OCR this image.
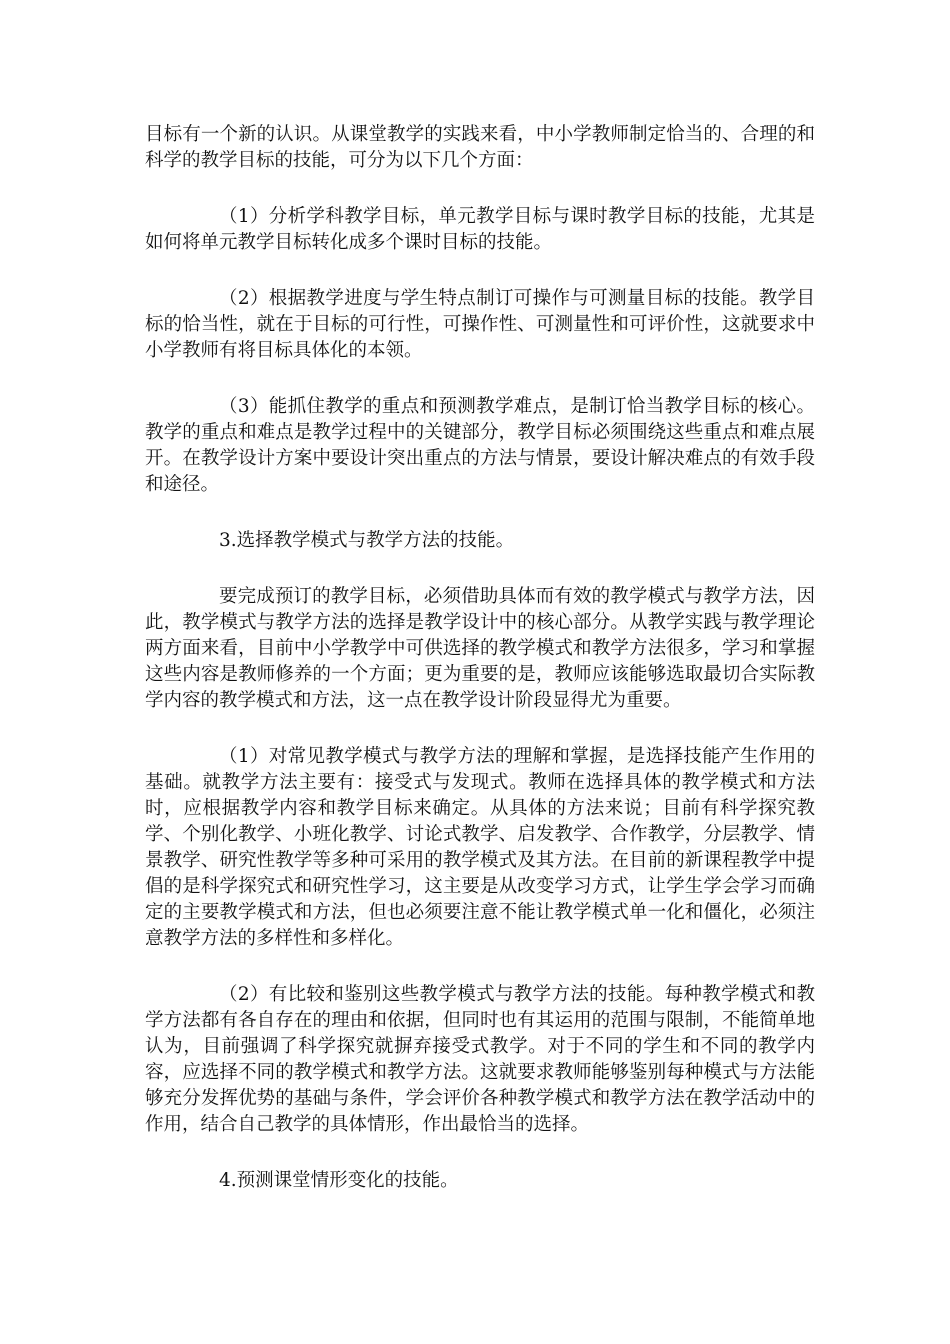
目标有一个新的认识。从课堂教学的实践来看，中小学教师制定恰当的、合理的和科学的教学目标的技能，可分为以下几个方面：

（1）分析学科教学目标，单元教学目标与课时教学目标的技能，尤其是如何将单元教学目标转化成多个课时目标的技能。

（2）根据教学进度与学生特点制订可操作与可测量目标的技能。教学目标的恰当性，就在于目标的可行性，可操作性、可测量性和可评价性，这就要求中小学教师有将目标具体化的本领。

（3）能抓住教学的重点和预测教学难点，是制订恰当教学目标的核心。教学的重点和难点是教学过程中的关键部分，教学目标必须围绕这些重点和难点展开。在教学设计方案中要设计突出重点的方法与情景，要设计解决难点的有效手段和途径。

3.选择教学模式与教学方法的技能。

要完成预订的教学目标，必须借助具体而有效的教学模式与教学方法，因此，教学模式与教学方法的选择是教学设计中的核心部分。从教学实践与教学理论两方面来看，目前中小学教学中可供选择的教学模式和教学方法很多，学习和掌握这些内容是教师修养的一个方面；更为重要的是，教师应该能够选取最切合实际教学内容的教学模式和方法，这一点在教学设计阶段显得尤为重要。

（1）对常见教学模式与教学方法的理解和掌握，是选择技能产生作用的基础。就教学方法主要有：接受式与发现式。教师在选择具体的教学模式和方法时，应根据教学内容和教学目标来确定。从具体的方法来说；目前有科学探究教学、个别化教学、小班化教学、讨论式教学、启发教学、合作教学，分层教学、情景教学、研究性教学等多种可采用的教学模式及其方法。在目前的新课程教学中提倡的是科学探究式和研究性学习，这主要是从改变学习方式，让学生学会学习而确定的主要教学模式和方法，但也必须要注意不能让教学模式单一化和僵化，必须注意教学方法的多样性和多样化。

（2）有比较和鉴别这些教学模式与教学方法的技能。每种教学模式和教学方法都有各自存在的理由和依据，但同时也有其运用的范围与限制，不能简单地认为，目前强调了科学探究就摒弃接受式教学。对于不同的学生和不同的教学内容，应选择不同的教学模式和教学方法。这就要求教师能够鉴别每种模式与方法能够充分发挥优势的基础与条件，学会评价各种教学模式和教学方法在教学活动中的作用，结合自己教学的具体情形，作出最恰当的选择。

4.预测课堂情形变化的技能。
